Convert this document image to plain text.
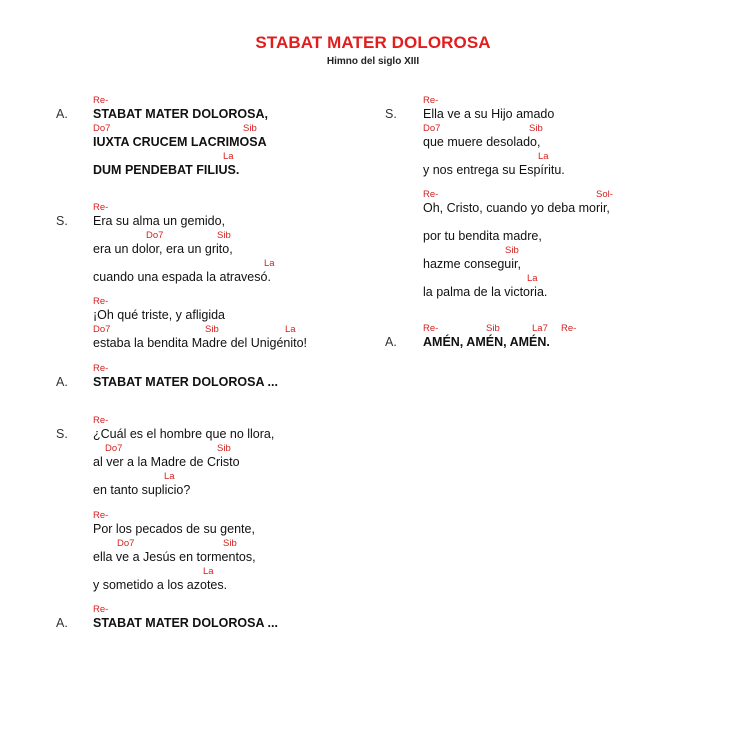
STABAT MATER DOLOROSA
Himno del siglo XIII
Re-
STABAT MATER DOLOROSA,
Do7	Sib
IUXTA CRUCEM LACRIMOSA
La
DUM PENDEBAT FILIUS.
A.
Re-
Era su alma un gemido,
Do7	Sib
era un dolor, era un grito,
La
cuando una espada la atravesó.
S.
Re-
¡Oh qué triste, y afligida
Do7	Sib	La
estaba la bendita Madre del Unigénito!
Re-
STABAT MATER DOLOROSA ...
A.
Re-
¿Cuál es el hombre que no llora,
Do7	Sib
al ver a la Madre de Cristo
La
en tanto suplicio?
S.
Re-
Por los pecados de su gente,
Do7	Sib
ella ve a Jesús en tormentos,
La
y sometido a los azotes.
Re-
STABAT MATER DOLOROSA ...
A.
Re-
Ella ve a su Hijo amado
Do7	Sib
que muere desolado,
La
y nos entrega su Espíritu.
S.
Re-	Sol-
Oh, Cristo, cuando yo deba morir,
por tu bendita madre,
Sib
hazme conseguir,
La
la palma de la victoria.
Re-	Sib	La7 Re-
AMÉN, AMÉN, AMÉN.
A.
